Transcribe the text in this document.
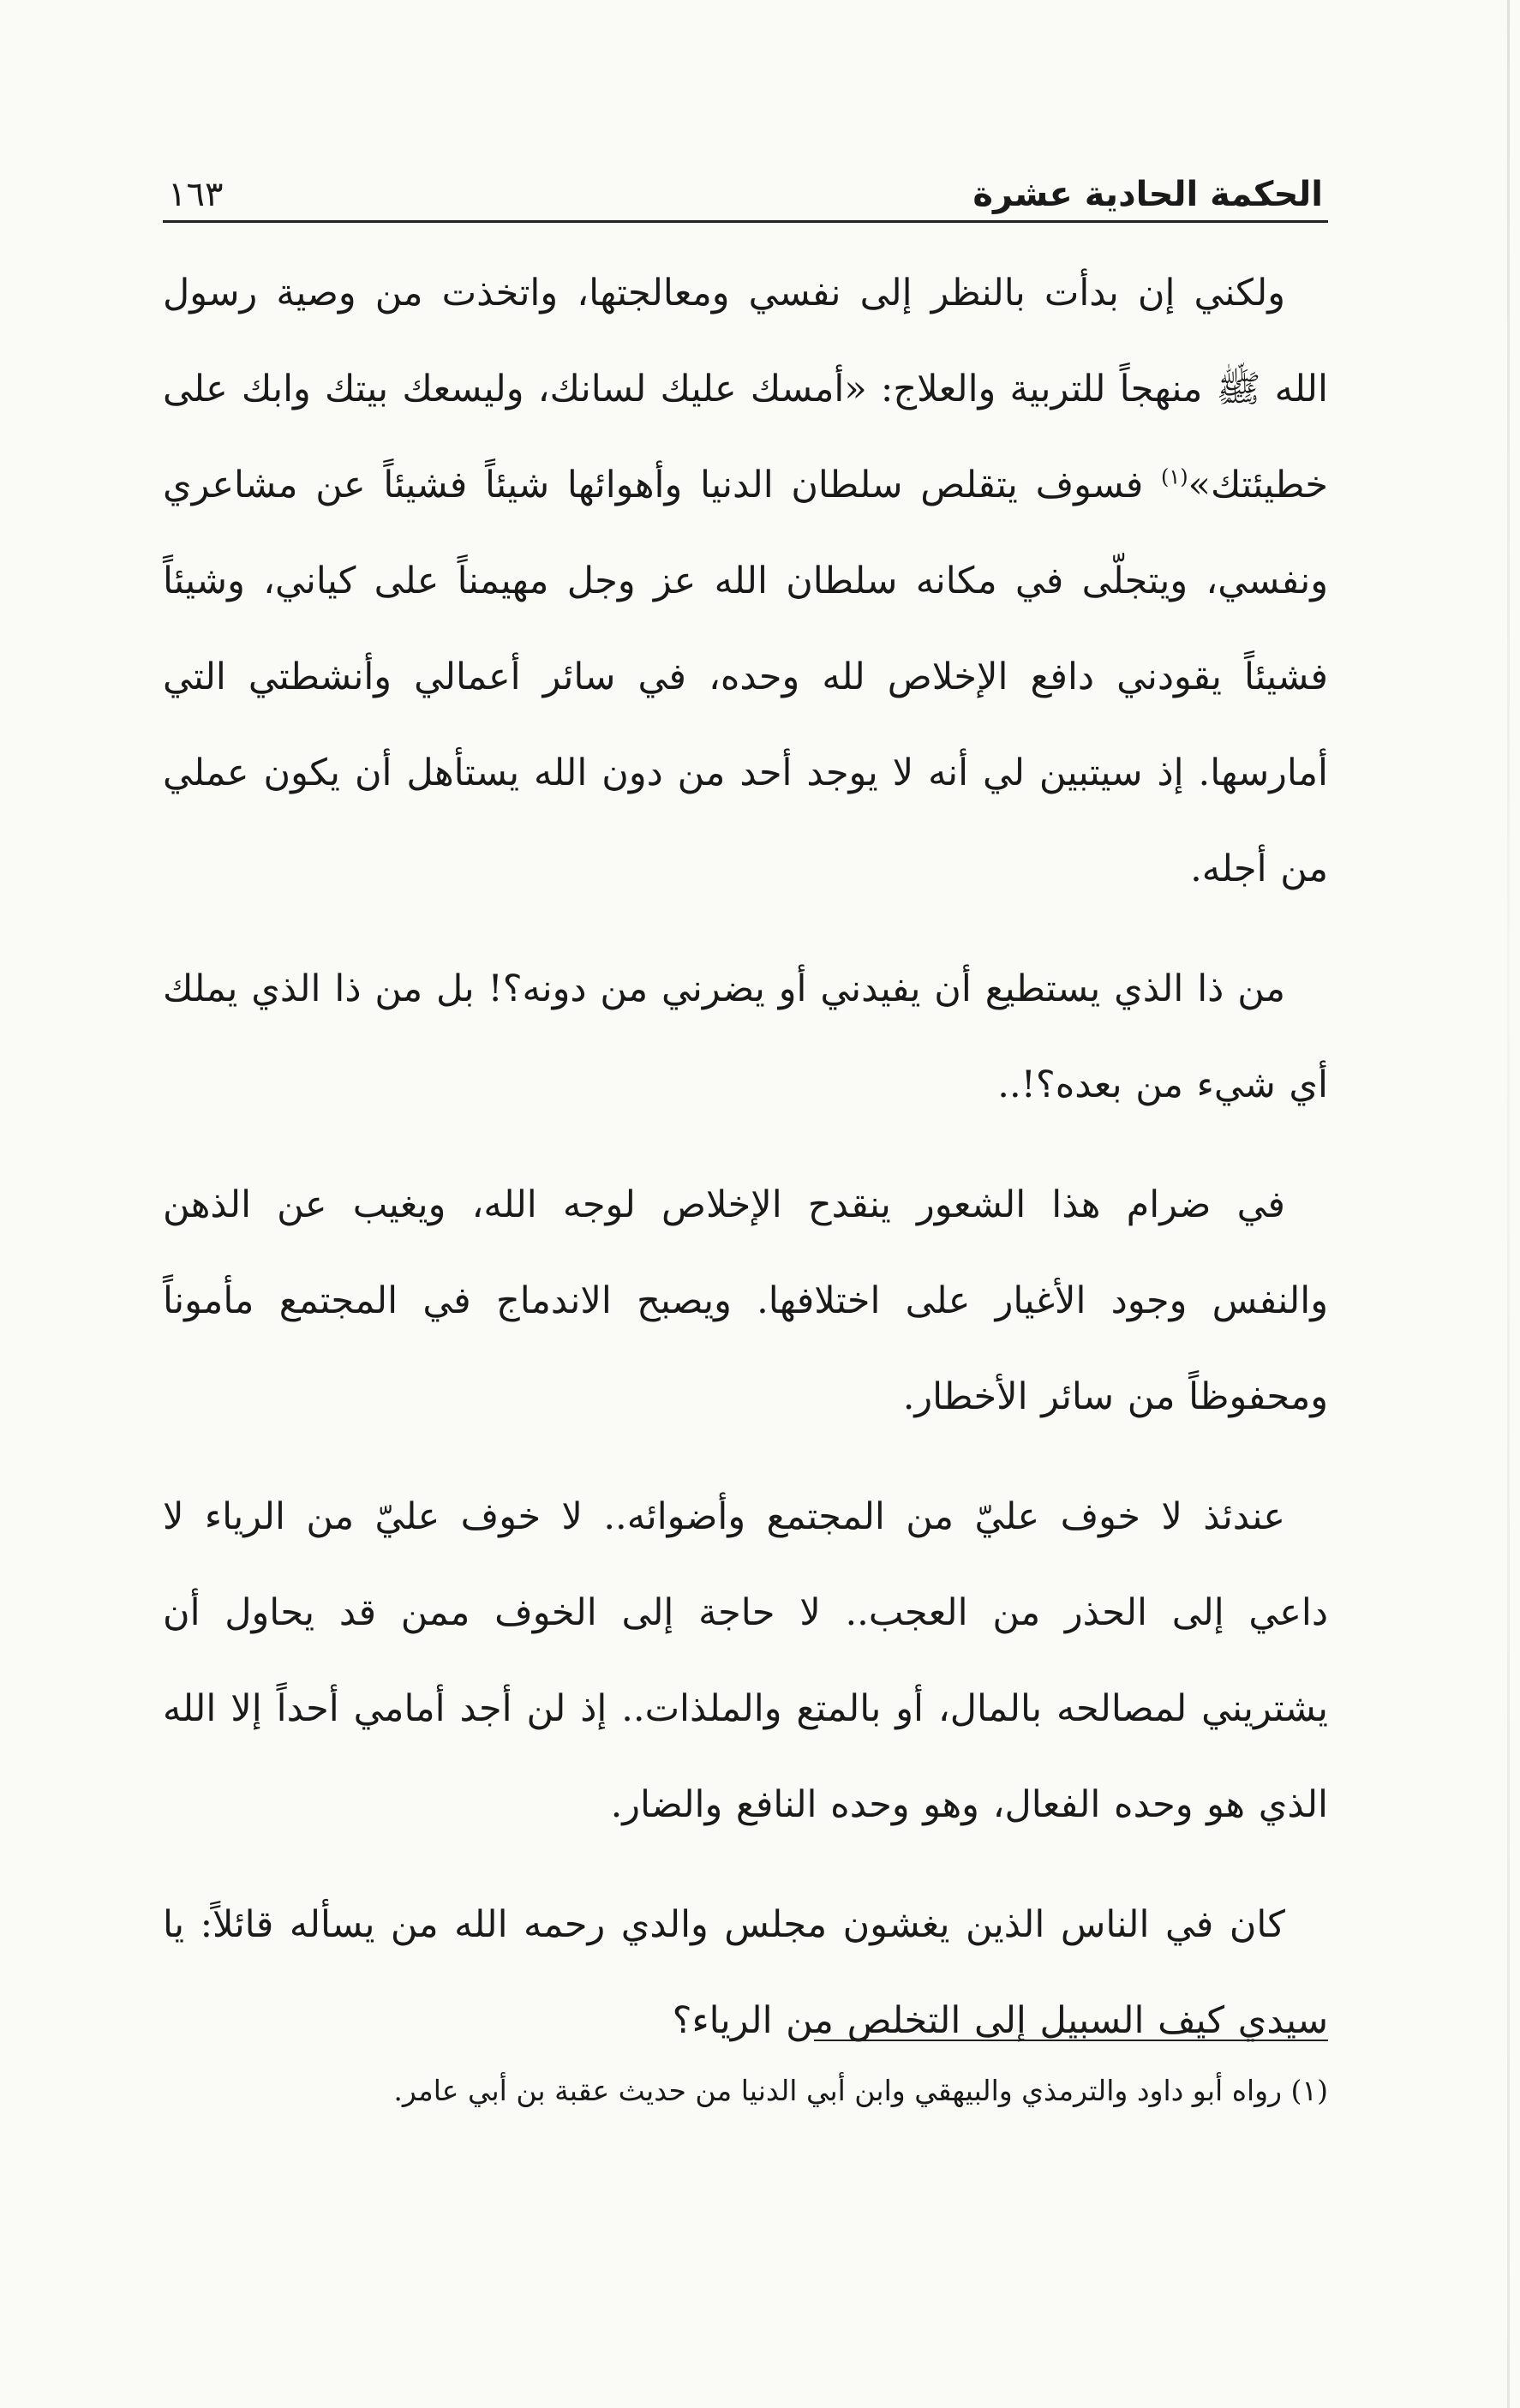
الحكمة الحادية عشرة
١٦٣

ولكني إن بدأت بالنظر إلى نفسي ومعالجتها، واتخذت من وصية رسول الله ﷺ منهجاً للتربية والعلاج: «أمسك عليك لسانك، وليسعك بيتك وابك على خطيئتك»$^{(١)}$ فسوف يتقلص سلطان الدنيا وأهوائها شيئاً فشيئاً عن مشاعري ونفسي، ويتجلّى في مكانه سلطان الله عز وجل مهيمناً على كياني، وشيئاً فشيئاً يقودني دافع الإخلاص لله وحده، في سائر أعمالي وأنشطتي التي أمارسها. إذ سيتبين لي أنه لا يوجد أحد من دون الله يستأهل أن يكون عملي من أجله.

من ذا الذي يستطيع أن يفيدني أو يضرني من دونه؟! بل من ذا الذي يملك أي شيء من بعده؟!..

في ضرام هذا الشعور ينقدح الإخلاص لوجه الله، ويغيب عن الذهن والنفس وجود الأغيار على اختلافها. ويصبح الاندماج في المجتمع مأموناً ومحفوظاً من سائر الأخطار.

عندئذ لا خوف عليّ من المجتمع وأضوائه.. لا خوف عليّ من الرياء لا داعي إلى الحذر من العجب.. لا حاجة إلى الخوف ممن قد يحاول أن يشتريني لمصالحه بالمال، أو بالمتع والملذات.. إذ لن أجد أمامي أحداً إلا الله الذي هو وحده الفعال، وهو وحده النافع والضار.

كان في الناس الذين يغشون مجلس والدي رحمه الله من يسأله قائلاً: يا سيدي كيف السبيل إلى التخلص من الرياء؟

(١) رواه أبو داود والترمذي والبيهقي وابن أبي الدنيا من حديث عقبة بن أبي عامر.
